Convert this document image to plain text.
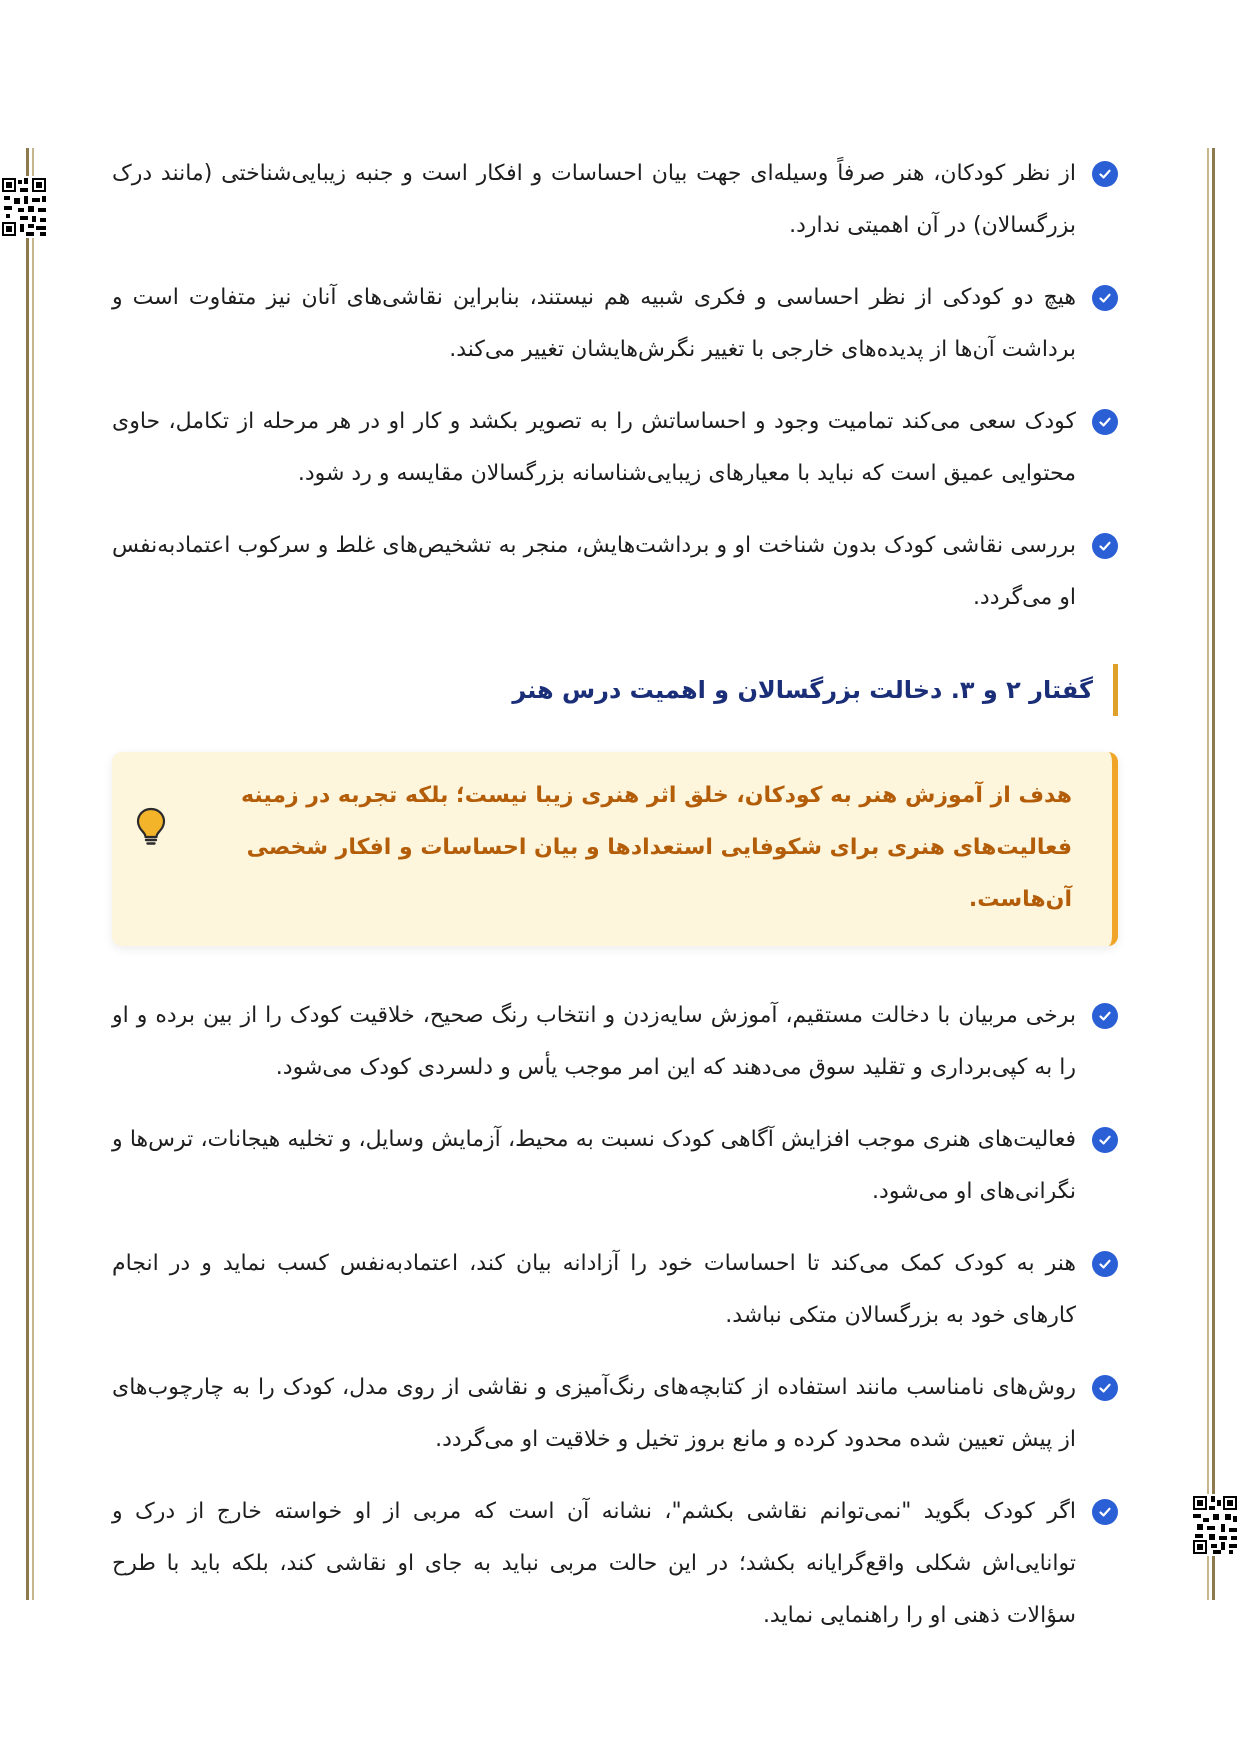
از نظر کودکان، هنر صرفاً وسیله‌ای جهت بیان احساسات و افکار است و جنبه زیبایی‌شناختی (مانند درک بزرگسالان) در آن اهمیتی ندارد.
هیچ دو کودکی از نظر احساسی و فکری شبیه هم نیستند، بنابراین نقاشی‌های آنان نیز متفاوت است و برداشت آن‌ها از پدیده‌های خارجی با تغییر نگرش‌هایشان تغییر می‌کند.
کودک سعی می‌کند تمامیت وجود و احساساتش را به تصویر بکشد و کار او در هر مرحله از تکامل، حاوی محتوایی عمیق است که نباید با معیارهای زیبایی‌شناسانه بزرگسالان مقایسه و رد شود.
بررسی نقاشی کودک بدون شناخت او و برداشت‌هایش، منجر به تشخیص‌های غلط و سرکوب اعتمادبه‌نفس او می‌گردد.
گفتار ۲ و ۳. دخالت بزرگسالان و اهمیت درس هنر
هدف از آموزش هنر به کودکان، خلق اثر هنری زیبا نیست؛ بلکه تجربه در زمینه فعالیت‌های هنری برای شکوفایی استعدادها و بیان احساسات و افکار شخصی آن‌هاست.
برخی مربیان با دخالت مستقیم، آموزش سایه‌زدن و انتخاب رنگ صحیح، خلاقیت کودک را از بین برده و او را به کپی‌برداری و تقلید سوق می‌دهند که این امر موجب یأس و دلسردی کودک می‌شود.
فعالیت‌های هنری موجب افزایش آگاهی کودک نسبت به محیط، آزمایش وسایل، و تخلیه هیجانات، ترس‌ها و نگرانی‌های او می‌شود.
هنر به کودک کمک می‌کند تا احساسات خود را آزادانه بیان کند، اعتمادبه‌نفس کسب نماید و در انجام کارهای خود به بزرگسالان متکی نباشد.
روش‌های نامناسب مانند استفاده از کتابچه‌های رنگ‌آمیزی و نقاشی از روی مدل، کودک را به چارچوب‌های از پیش تعیین شده محدود کرده و مانع بروز تخیل و خلاقیت او می‌گردد.
اگر کودک بگوید "نمی‌توانم نقاشی بکشم"، نشانه آن است که مربی از او خواسته خارج از درک و توانایی‌اش شکلی واقع‌گرایانه بکشد؛ در این حالت مربی نباید به جای او نقاشی کند، بلکه باید با طرح سؤالات ذهنی او را راهنمایی نماید.
